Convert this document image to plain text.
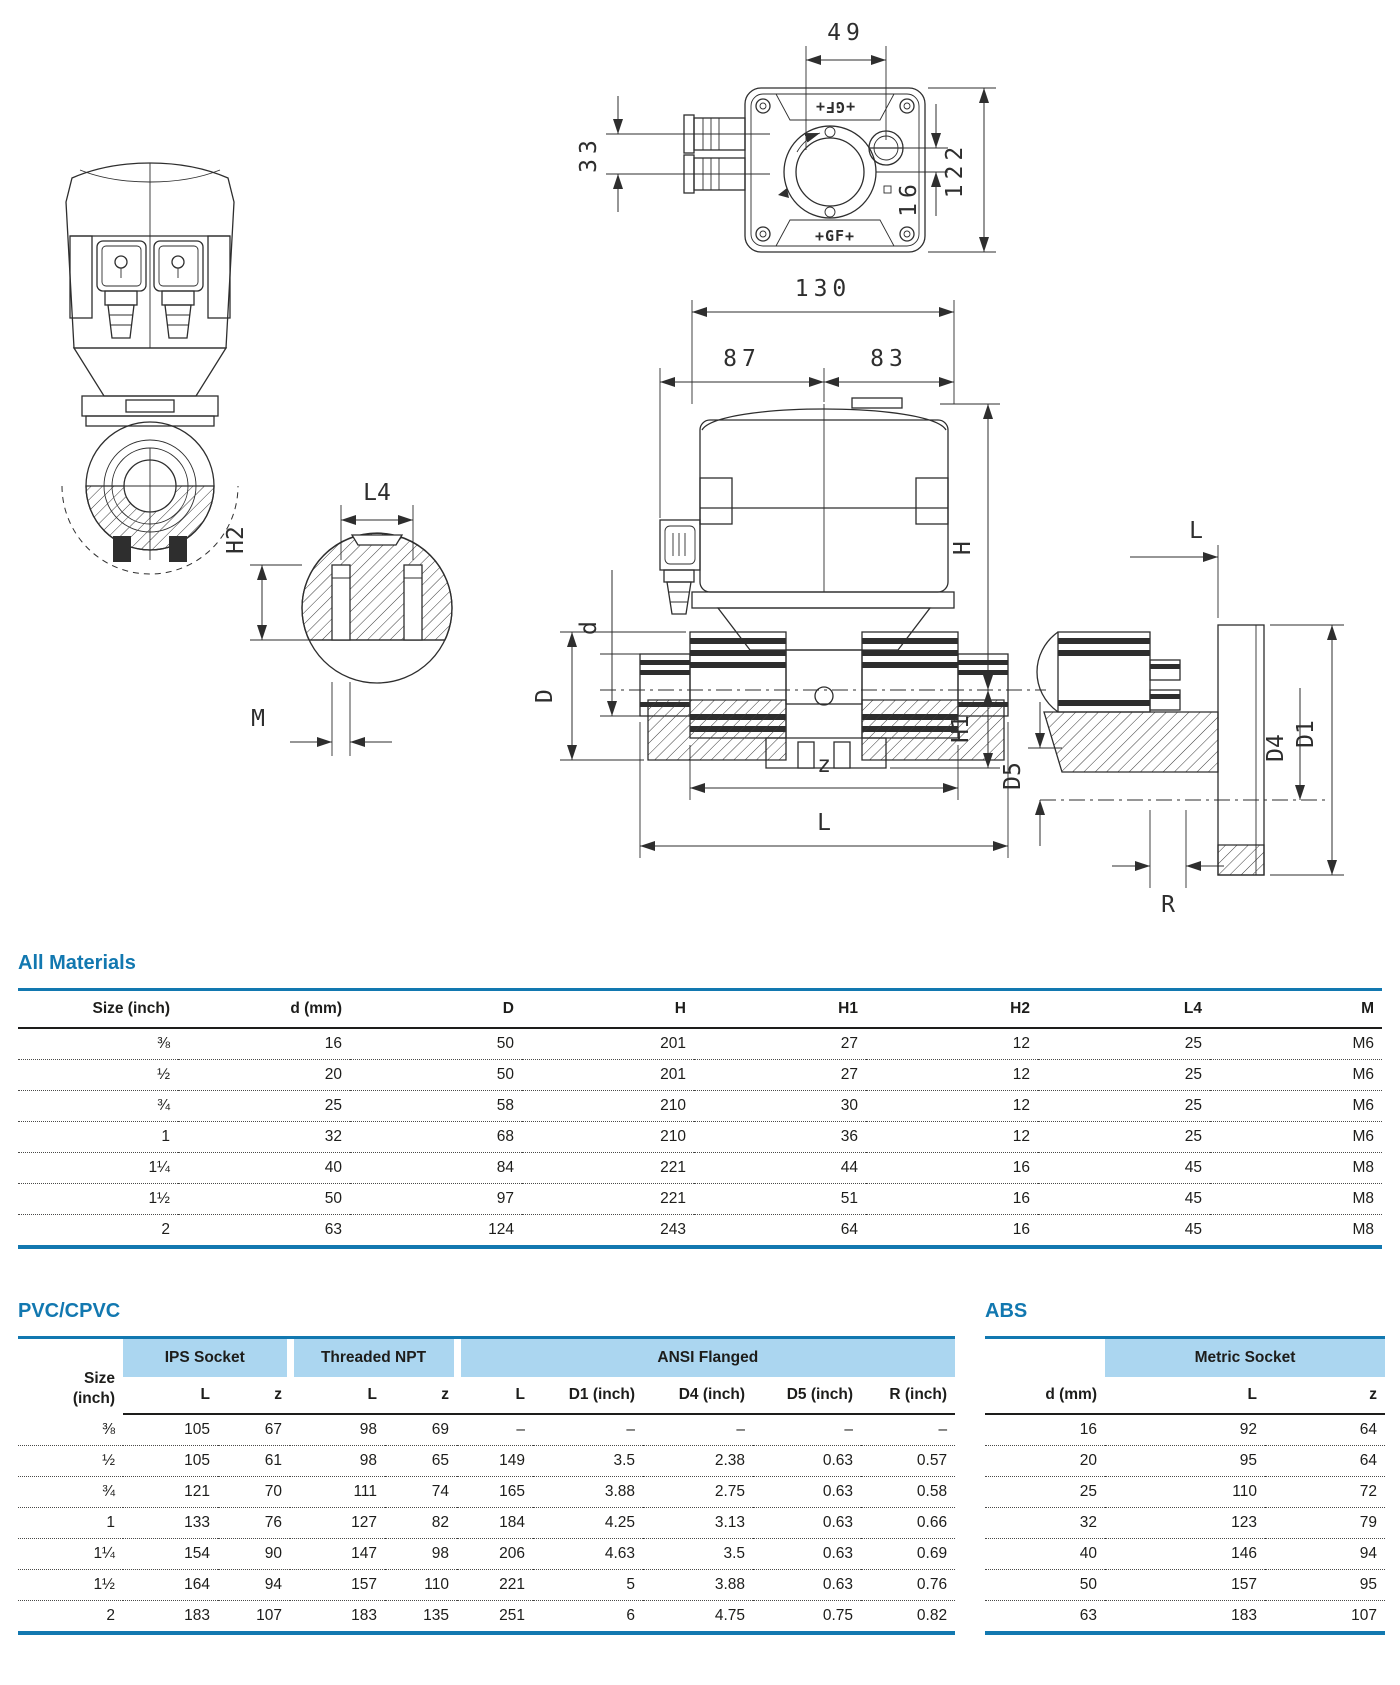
L4
H2
M
+GF+
+GF+
33
49
16 122
130
87	83
H
H1
D
d
z
L
L
D1
D4
D5
R
All Materials
Size (inch)	d (mm)	D	H	H1	H2	L4	M
⅜	16	50	201	27	12	25	M6
½	20	50	201	27	12	25	M6
¾	25	58	210	30	12	25	M6
1	32	68	210	36	12	25	M6
1¼	40	84	221	44	16	45	M8
1½	50	97	221	51	16	45	M8
2	63	124	243	64	16	45	M8
PVC/CPVC
Size
(inch)	IPS Socket		Threaded NPT		ANSI Flanged				
	L	z	L	z	L	D1 (inch)	D4 (inch)	D5 (inch)	R (inch)
⅜	105	67	98	69	–	–	–	–	–
½	105	61	98	65	149	3.5	2.38	0.63	0.57
¾	121	70	111	74	165	3.88	2.75	0.63	0.58
1	133	76	127	82	184	4.25	3.13	0.63	0.66
1¼	154	90	147	98	206	4.63	3.5	0.63	0.69
1½	164	94	157	110	221	5	3.88	0.63	0.76
2	183	107	183	135	251	6	4.75	0.75	0.82
ABS
	Metric Socket	
d (mm)	L	z
16	92	64
20	95	64
25	110	72
32	123	79
40	146	94
50	157	95
63	183	107
